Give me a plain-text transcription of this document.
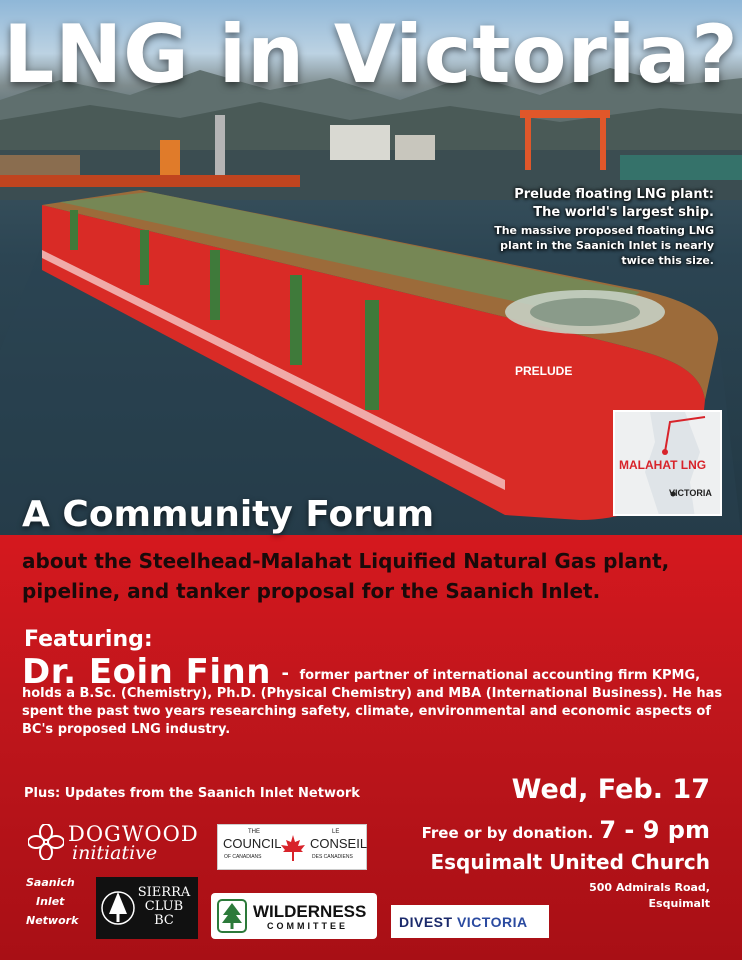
PRELUDE
Prelude floating LNG plant: The world's largest ship.
The massive proposed floating LNG plant in the Saanich Inlet is nearly twice this size.
MALAHAT LNG
VICTORIA
LNG in Victoria?
A Community Forum
about the Steelhead-Malahat Liquified Natural Gas plant, pipeline, and tanker proposal for the Saanich Inlet.
Featuring:
Dr. Eoin Finn - former partner of international accounting firm KPMG, holds a B.Sc. (Chemistry), Ph.D. (Physical Chemistry) and MBA (International Business). He has spent the past two years researching safety, climate, environmental and economic aspects of BC's proposed LNG industry.
Plus: Updates from the Saanich Inlet Network	Wed, Feb. 17
Free or by donation. 7 - 9 pm
Esquimalt United Church
500 Admirals Road,
Esquimalt
DOGWOOD
initiative
THE
COUNCIL
OF CANADIANS
LE
CONSEIL
DES CANADIENS
Saanich
Inlet
Network
SIERRA
CLUB
BC	WILDERNESS
COMMITTEE	DIVEST VICTORIA
